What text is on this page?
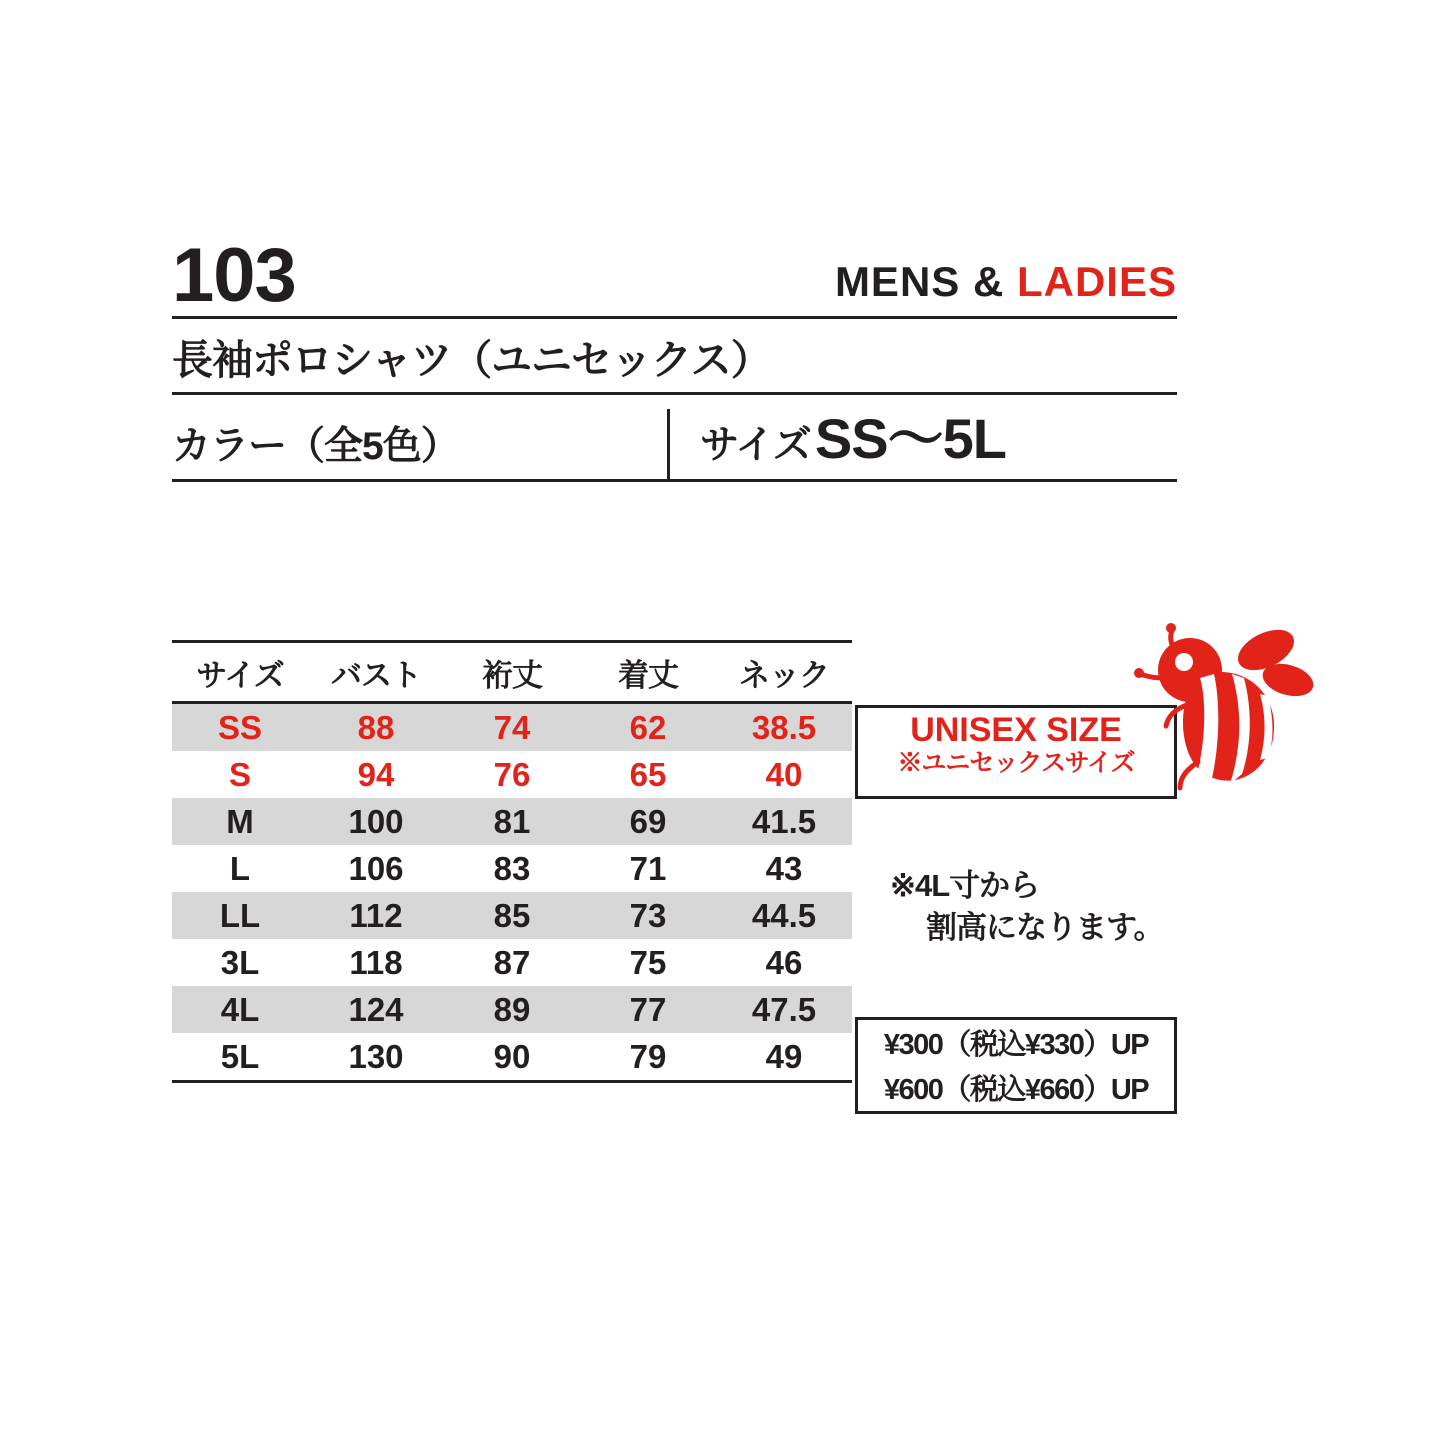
103	MENS & LADIES
長袖ポロシャツ（ユニセックス）
カラー（全5色）	サイズ SS〜5L
サイズ	バスト	裄丈	着丈	ネック
SS	88	74	62	38.5
S	94	76	65	40
M	100	81	69	41.5
L	106	83	71	43
LL	112	85	73	44.5
3L	118	87	75	46
4L	124	89	77	47.5
5L	130	90	79	49
UNISEX SIZE
※ユニセックスサイズ
※4L寸から
割高になります。
¥300（税込¥330）UP
¥600（税込¥660）UP
